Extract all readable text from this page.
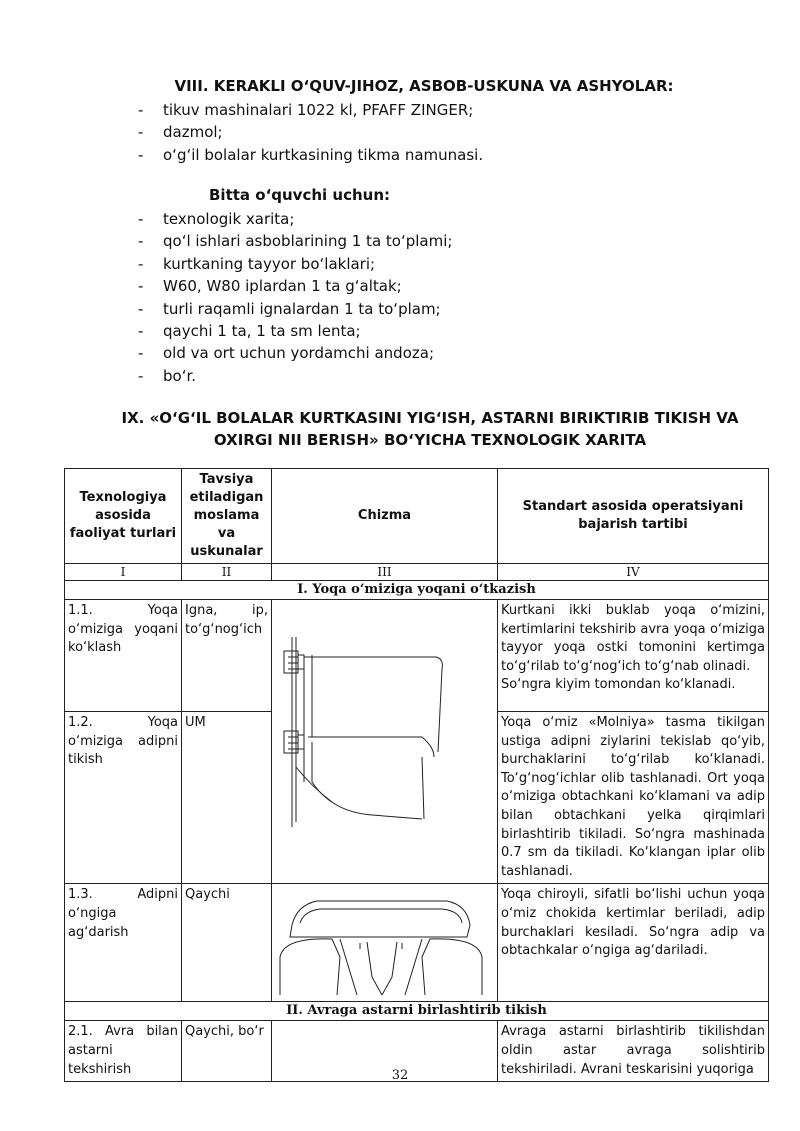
VIII. KERAKLI O‘QUV-JIHOZ, ASBOB-USKUNA VA ASHYOLAR:
- tikuv mashinalari 1022 kl, PFAFF ZINGER;
- dazmol;
- o‘g‘il bolalar kurtkasining tikma namunasi.
Bitta o‘quvchi uchun:
- texnologik xarita;
- qo‘l ishlari asboblarining 1 ta to‘plami;
- kurtkaning tayyor bo‘laklari;
- W60, W80 iplardan 1 ta g‘altak;
- turli raqamli ignalardan 1 ta to‘plam;
- qaychi 1 ta, 1 ta sm lenta;
- old va ort uchun yordamchi andoza;
- bo‘r.
IX. «O‘G‘IL BOLALAR KURTKASINI YIG‘ISH, ASTARNI BIRIKTIRIB TIKISH VA
OXIRGI NII BERISH» BO‘YICHA TEXNOLOGIK XARITA
Texnologiya asosida faoliyat turlari	Tavsiya etiladigan moslama va uskunalar	Chizma	Standart asosida operatsiyani bajarish tartibi
I	II	III	IV
I. Yoqa o‘miziga yoqani o‘tkazish			
1.1. Yoqa o‘miziga yoqani ko‘klash	Igna, ip, to‘g‘nog‘ich		Kurtkani ikki buklab yoqa o‘mizini, kertimlarini tekshirib avra yoqa o‘miziga tayyor yoqa ostki tomonini kertimga to‘g‘rilab to‘g‘nog‘ich to‘g‘nab olinadi.
So‘ngra kiyim tomondan ko‘klanadi.
1.2. Yoqa o‘miziga adipni tikish	UM		Yoqa o‘miz «Molniya» tasma tikilgan ustiga adipni ziylarini tekislab qo‘yib, burchaklarini to‘g‘rilab ko‘klanadi. To‘g‘nog‘ichlar olib tashlanadi. Ort yoqa o‘miziga obtachkani ko‘klamani va adip bilan obtachkani yelka qirqimlari birlashtirib tikiladi. So‘ngra mashinada 0.7 sm da tikiladi. Ko‘klangan iplar olib tashlanadi.
1.3. Adipni o‘ngiga ag‘darish	Qaychi		Yoqa chiroyli, sifatli bo‘lishi uchun yoqa o‘miz chokida kertimlar beriladi, adip burchaklari kesiladi. So‘ngra adip va obtachkalar o‘ngiga ag‘dariladi.
II. Avraga astarni birlashtirib tikish			
2.1. Avra bilan astarni tekshirish	Qaychi, bo‘r		Avraga astarni birlashtirib tikilishdan oldin astar avraga solishtirib tekshiriladi. Avrani teskarisini yuqoriga
32
